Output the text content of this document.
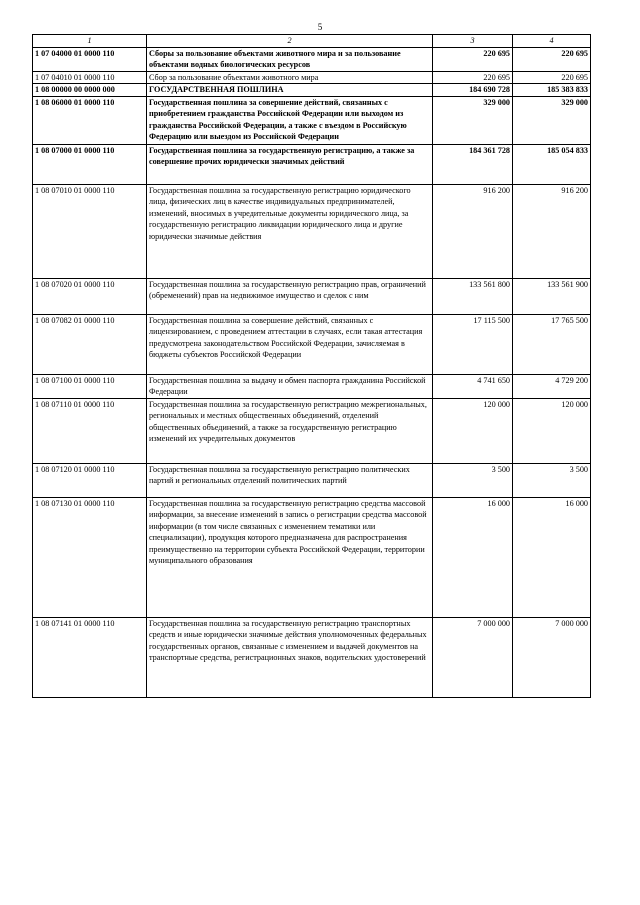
5
1	2	3	4
1 07 04000 01 0000 110	Сборы за пользование объектами животного мира и за пользование объектами водных биологических ресурсов	220 695	220 695
1 07 04010 01 0000 110	Сбор за пользование объектами животного мира	220 695	220 695
1 08 00000 00 0000 000	ГОСУДАРСТВЕННАЯ ПОШЛИНА	184 690 728	185 383 833
1 08 06000 01 0000 110	Государственная пошлина за совершение действий, связанных с приобретением гражданства Российской Федерации или выходом из гражданства Российской Федерации, а также с въездом в Российскую Федерацию или выездом из Российской Федерации	329 000	329 000
1 08 07000 01 0000 110	Государственная пошлина за государственную регистрацию, а также за совершение прочих юридически значимых действий	184 361 728	185 054 833
1 08 07010 01 0000 110	Государственная пошлина за государственную регистрацию юридического лица, физических лиц в качестве индивидуальных предпринимателей, изменений, вносимых в учредительные документы юридического лица, за государственную регистрацию ликвидации юридического лица и другие юридически значимые действия	916 200	916 200
1 08 07020 01 0000 110	Государственная пошлина за государственную регистрацию прав, ограничений (обременений) прав на недвижимое имущество и сделок с ним	133 561 800	133 561 900
1 08 07082 01 0000 110	Государственная пошлина за совершение действий, связанных с лицензированием, с проведением аттестации в случаях, если такая аттестация предусмотрена законодательством Российской Федерации, зачисляемая в бюджеты субъектов Российской Федерации	17 115 500	17 765 500
1 08 07100 01 0000 110	Государственная пошлина за выдачу и обмен паспорта гражданина Российской Федерации	4 741 650	4 729 200
1 08 07110 01 0000 110	Государственная пошлина за государственную регистрацию межрегиональных, региональных и местных общественных объединений, отделений общественных объединений, а также за государственную регистрацию изменений их учредительных документов	120 000	120 000
1 08 07120 01 0000 110	Государственная пошлина за государственную регистрацию политических партий и региональных отделений политических партий	3 500	3 500
1 08 07130 01 0000 110	Государственная пошлина за государственную регистрацию средства массовой информации, за внесение изменений в запись о регистрации средства массовой информации (в том числе связанных с изменением тематики или специализации), продукция которого предназначена для распространения преимущественно на территории субъекта Российской Федерации, территории муниципального образования	16 000	16 000
1 08 07141 01 0000 110	Государственная пошлина за государственную регистрацию транспортных средств и иные юридически значимые действия уполномоченных федеральных государственных органов, связанные с изменением и выдачей документов на транспортные средства, регистрационных знаков, водительских удостоверений	7 000 000	7 000 000
